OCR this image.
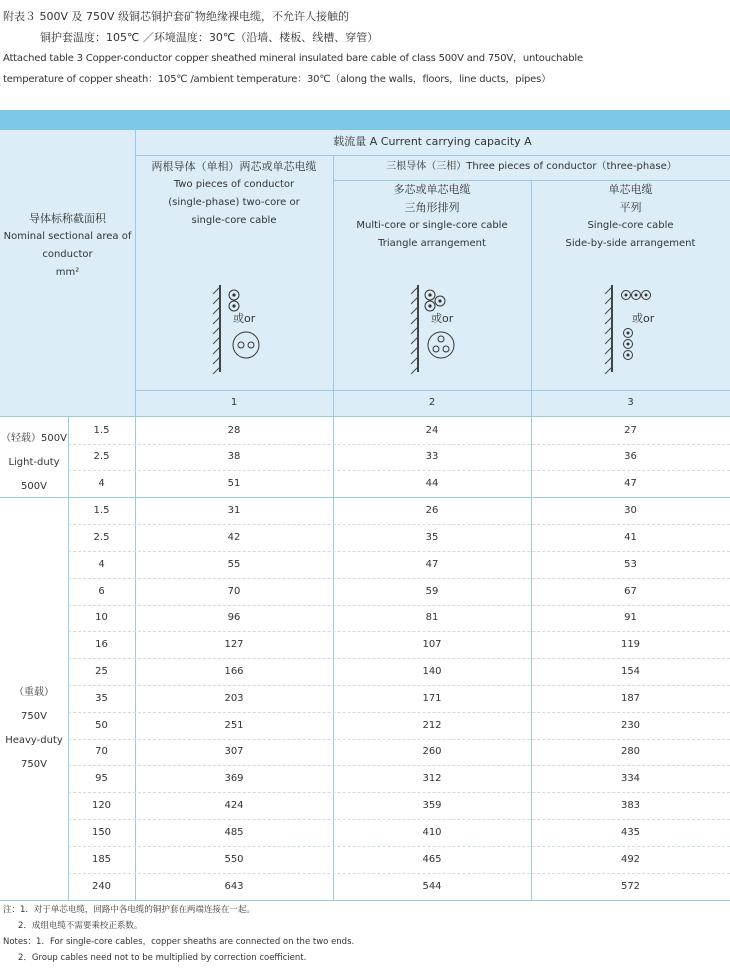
附表３ 500V 及 750V 级铜芯铜护套矿物绝缘裸电缆，不允许人接触的
铜护套温度：105℃ ／环境温度：30℃（沿墙、楼板、线槽、穿管）
Attached table 3 Copper-conductor copper sheathed mineral insulated bare cable of class 500V and 750V，untouchable
temperature of copper sheath：105℃ /ambient temperature：30℃（along the walls，floors，line ducts，pipes）
导体标称截面积
Nominal sectional area of
conductor
mm²
载流量 A Current carrying capacity A
两根导体（单相）两芯或单芯电缆
Two pieces of conductor
(single-phase) two-core or
single-core cable
三根导体（三相）Three pieces of conductor（three-phase）
多芯或单芯电缆
三角形排列
Multi-core or single-core cable
Triangle arrangement
单芯电缆
平列
Single-core cable
Side-by-side arrangement
或or	或or	或or
1	2	3
（轻载）500V
Light-duty
500V
（重载）
750V
Heavy-duty
750V
1.5	28	24	27
2.5	38	33	36
4	51	44	47
1.5	31	26	30
2.5	42	35	41
4	55	47	53
6	70	59	67
10	96	81	91
16	127	107	119
25	166	140	154
35	203	171	187
50	251	212	230
70	307	260	280
95	369	312	334
120	424	359	383
150	485	410	435
185	550	465	492
240	643	544	572
注：1．对于单芯电缆，回路中各电缆的铜护套在两端连接在一起。
2．成组电缆不需要乘校正系数。
Notes：1．For single-core cables，copper sheaths are connected on the two ends.
2．Group cables need not to be multiplied by correction coefficient.
